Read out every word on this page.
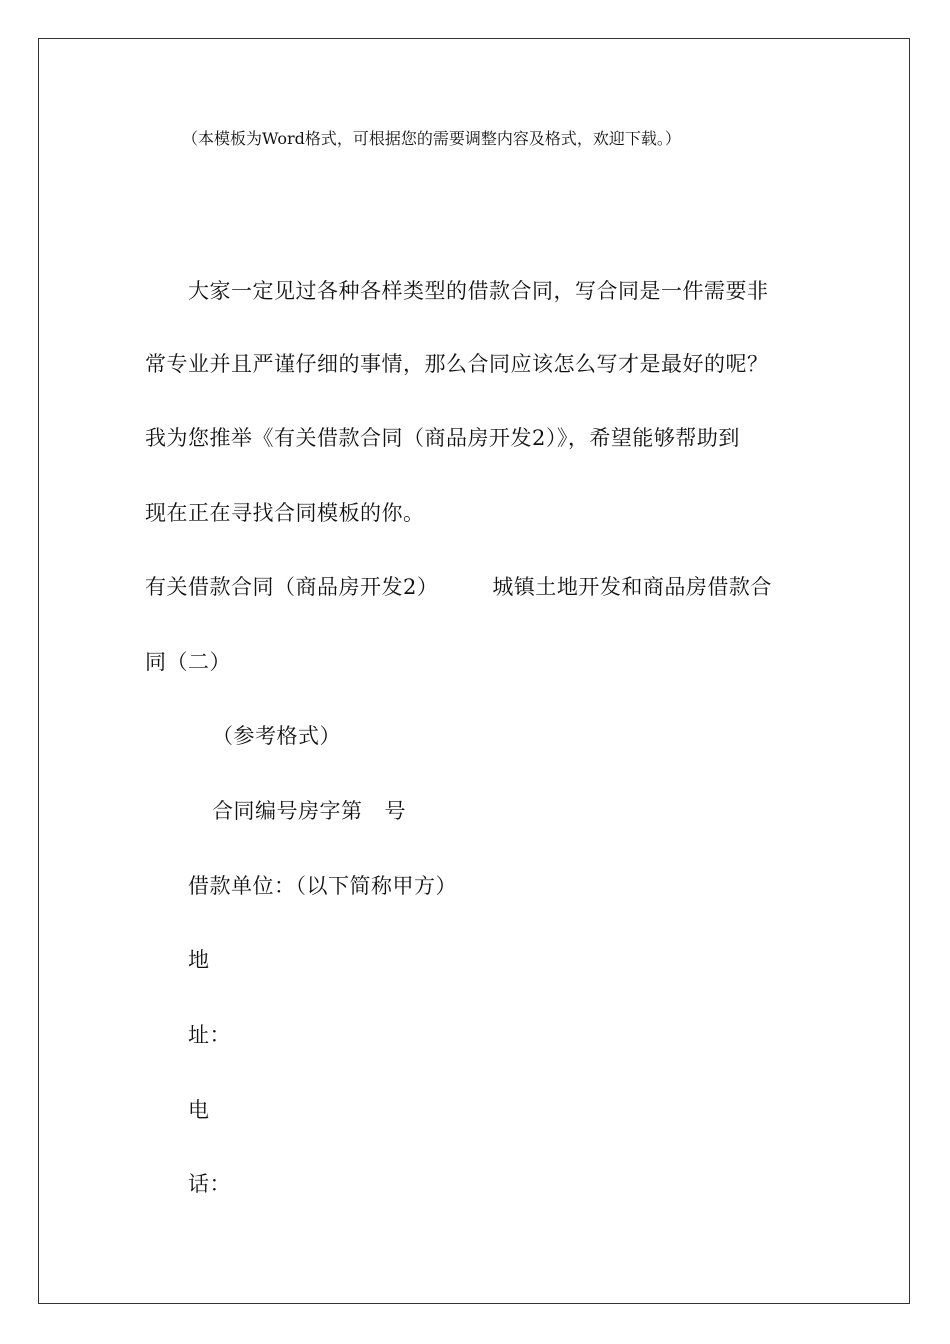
（本模板为Word格式，可根据您的需要调整内容及格式，欢迎下载。）
大家一定见过各种各样类型的借款合同，写合同是一件需要非
常专业并且严谨仔细的事情，那么合同应该怎么写才是最好的呢？
我为您推举《有关借款合同（商品房开发2）》，希望能够帮助到
现在正在寻找合同模板的你。
有关借款合同（商品房开发2）	城镇土地开发和商品房借款合
同（二）
（参考格式）
合同编号房字第 号
借款单位：（以下简称甲方）
地
址：
电
话：
